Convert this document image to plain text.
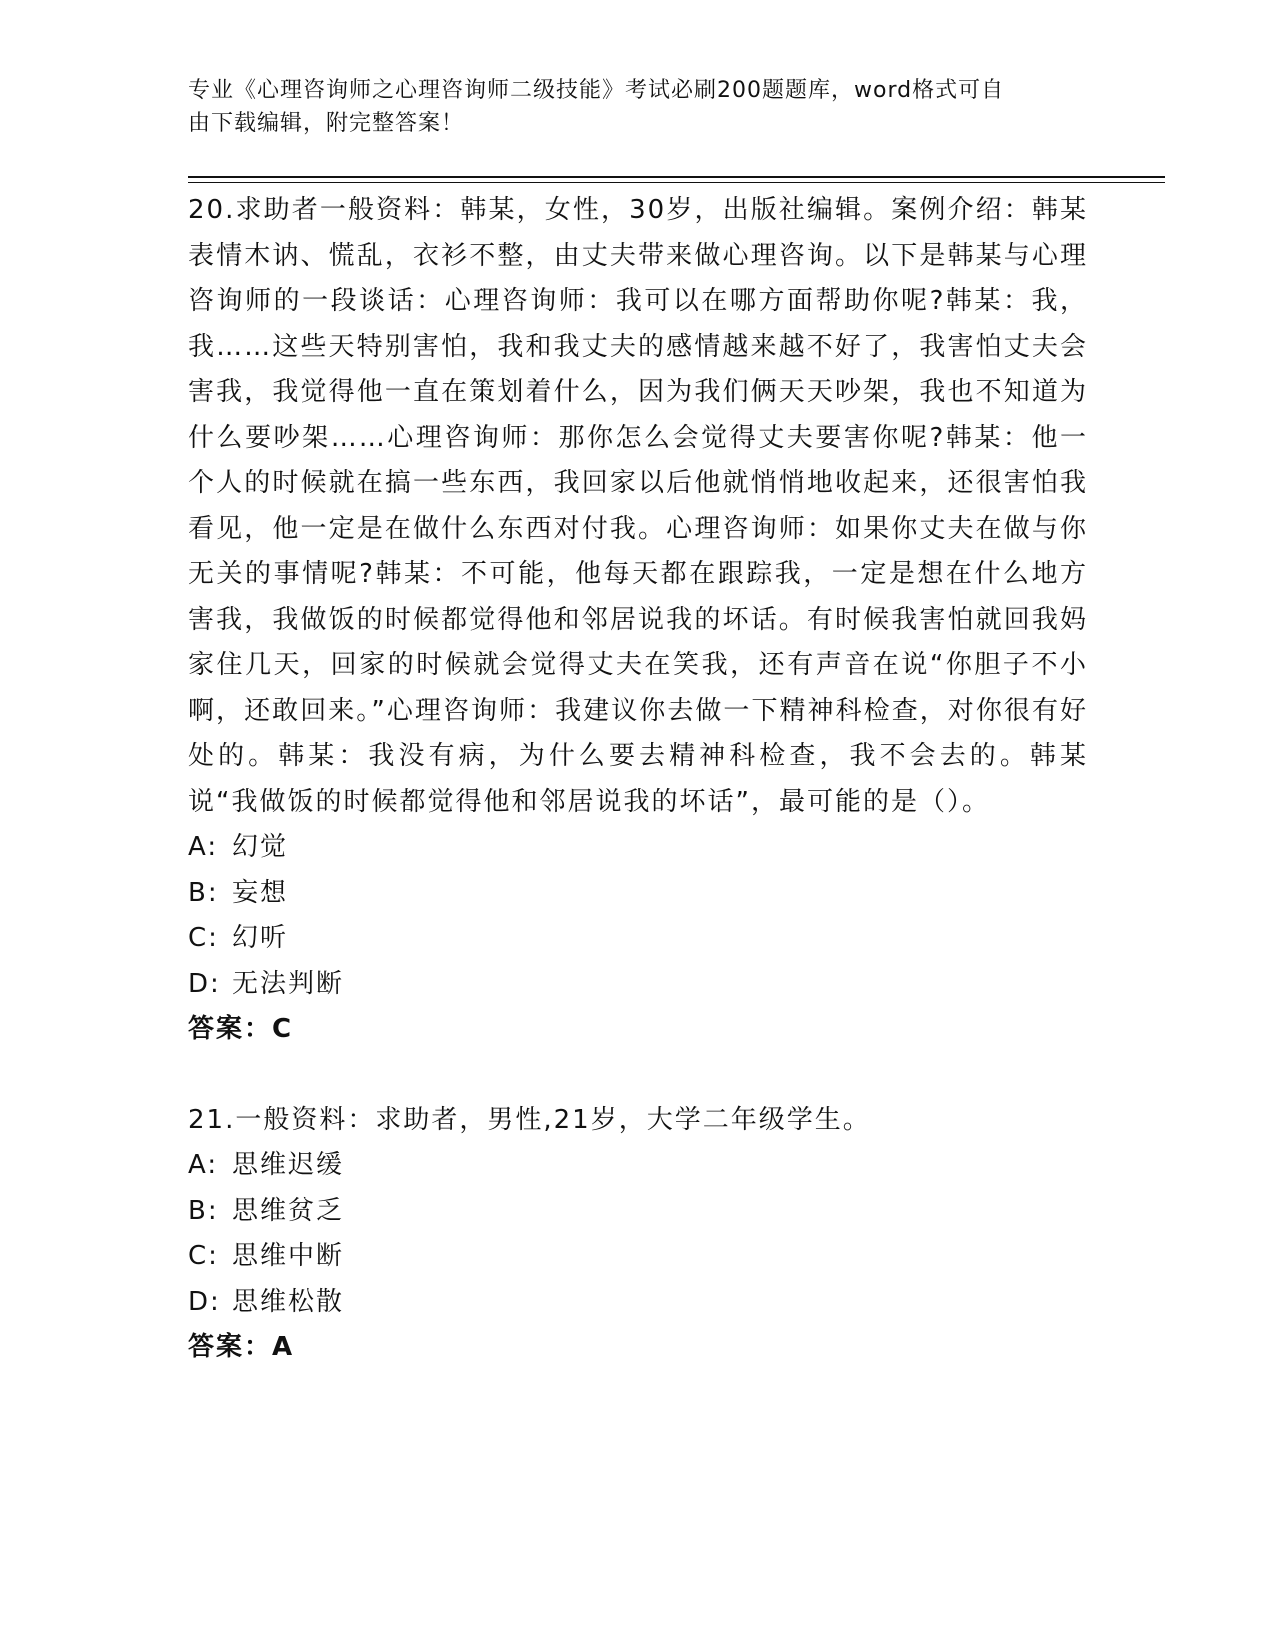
专业《心理咨询师之心理咨询师二级技能》考试必刷200题题库，word格式可自
由下载编辑，附完整答案！

20.求助者一般资料：韩某，女性，30岁，出版社编辑。案例介绍：韩某表情木讷、慌乱，衣衫不整，由丈夫带来做心理咨询。以下是韩某与心理咨询师的一段谈话：心理咨询师：我可以在哪方面帮助你呢?韩某：我，我……这些天特别害怕，我和我丈夫的感情越来越不好了，我害怕丈夫会害我，我觉得他一直在策划着什么，因为我们俩天天吵架，我也不知道为什么要吵架……心理咨询师：那你怎么会觉得丈夫要害你呢?韩某：他一个人的时候就在搞一些东西，我回家以后他就悄悄地收起来，还很害怕我看见，他一定是在做什么东西对付我。心理咨询师：如果你丈夫在做与你无关的事情呢?韩某：不可能，他每天都在跟踪我，一定是想在什么地方害我，我做饭的时候都觉得他和邻居说我的坏话。有时候我害怕就回我妈家住几天，回家的时候就会觉得丈夫在笑我，还有声音在说“你胆子不小啊，还敢回来。”心理咨询师：我建议你去做一下精神科检查，对你很有好处的。韩某：我没有病，为什么要去精神科检查，我不会去的。韩某说“我做饭的时候都觉得他和邻居说我的坏话”，最可能的是（）。

A: 幻觉
B: 妄想
C: 幻听
D: 无法判断
答案：C

21.一般资料：求助者，男性,21岁，大学二年级学生。

A: 思维迟缓
B: 思维贫乏
C: 思维中断
D: 思维松散
答案：A
